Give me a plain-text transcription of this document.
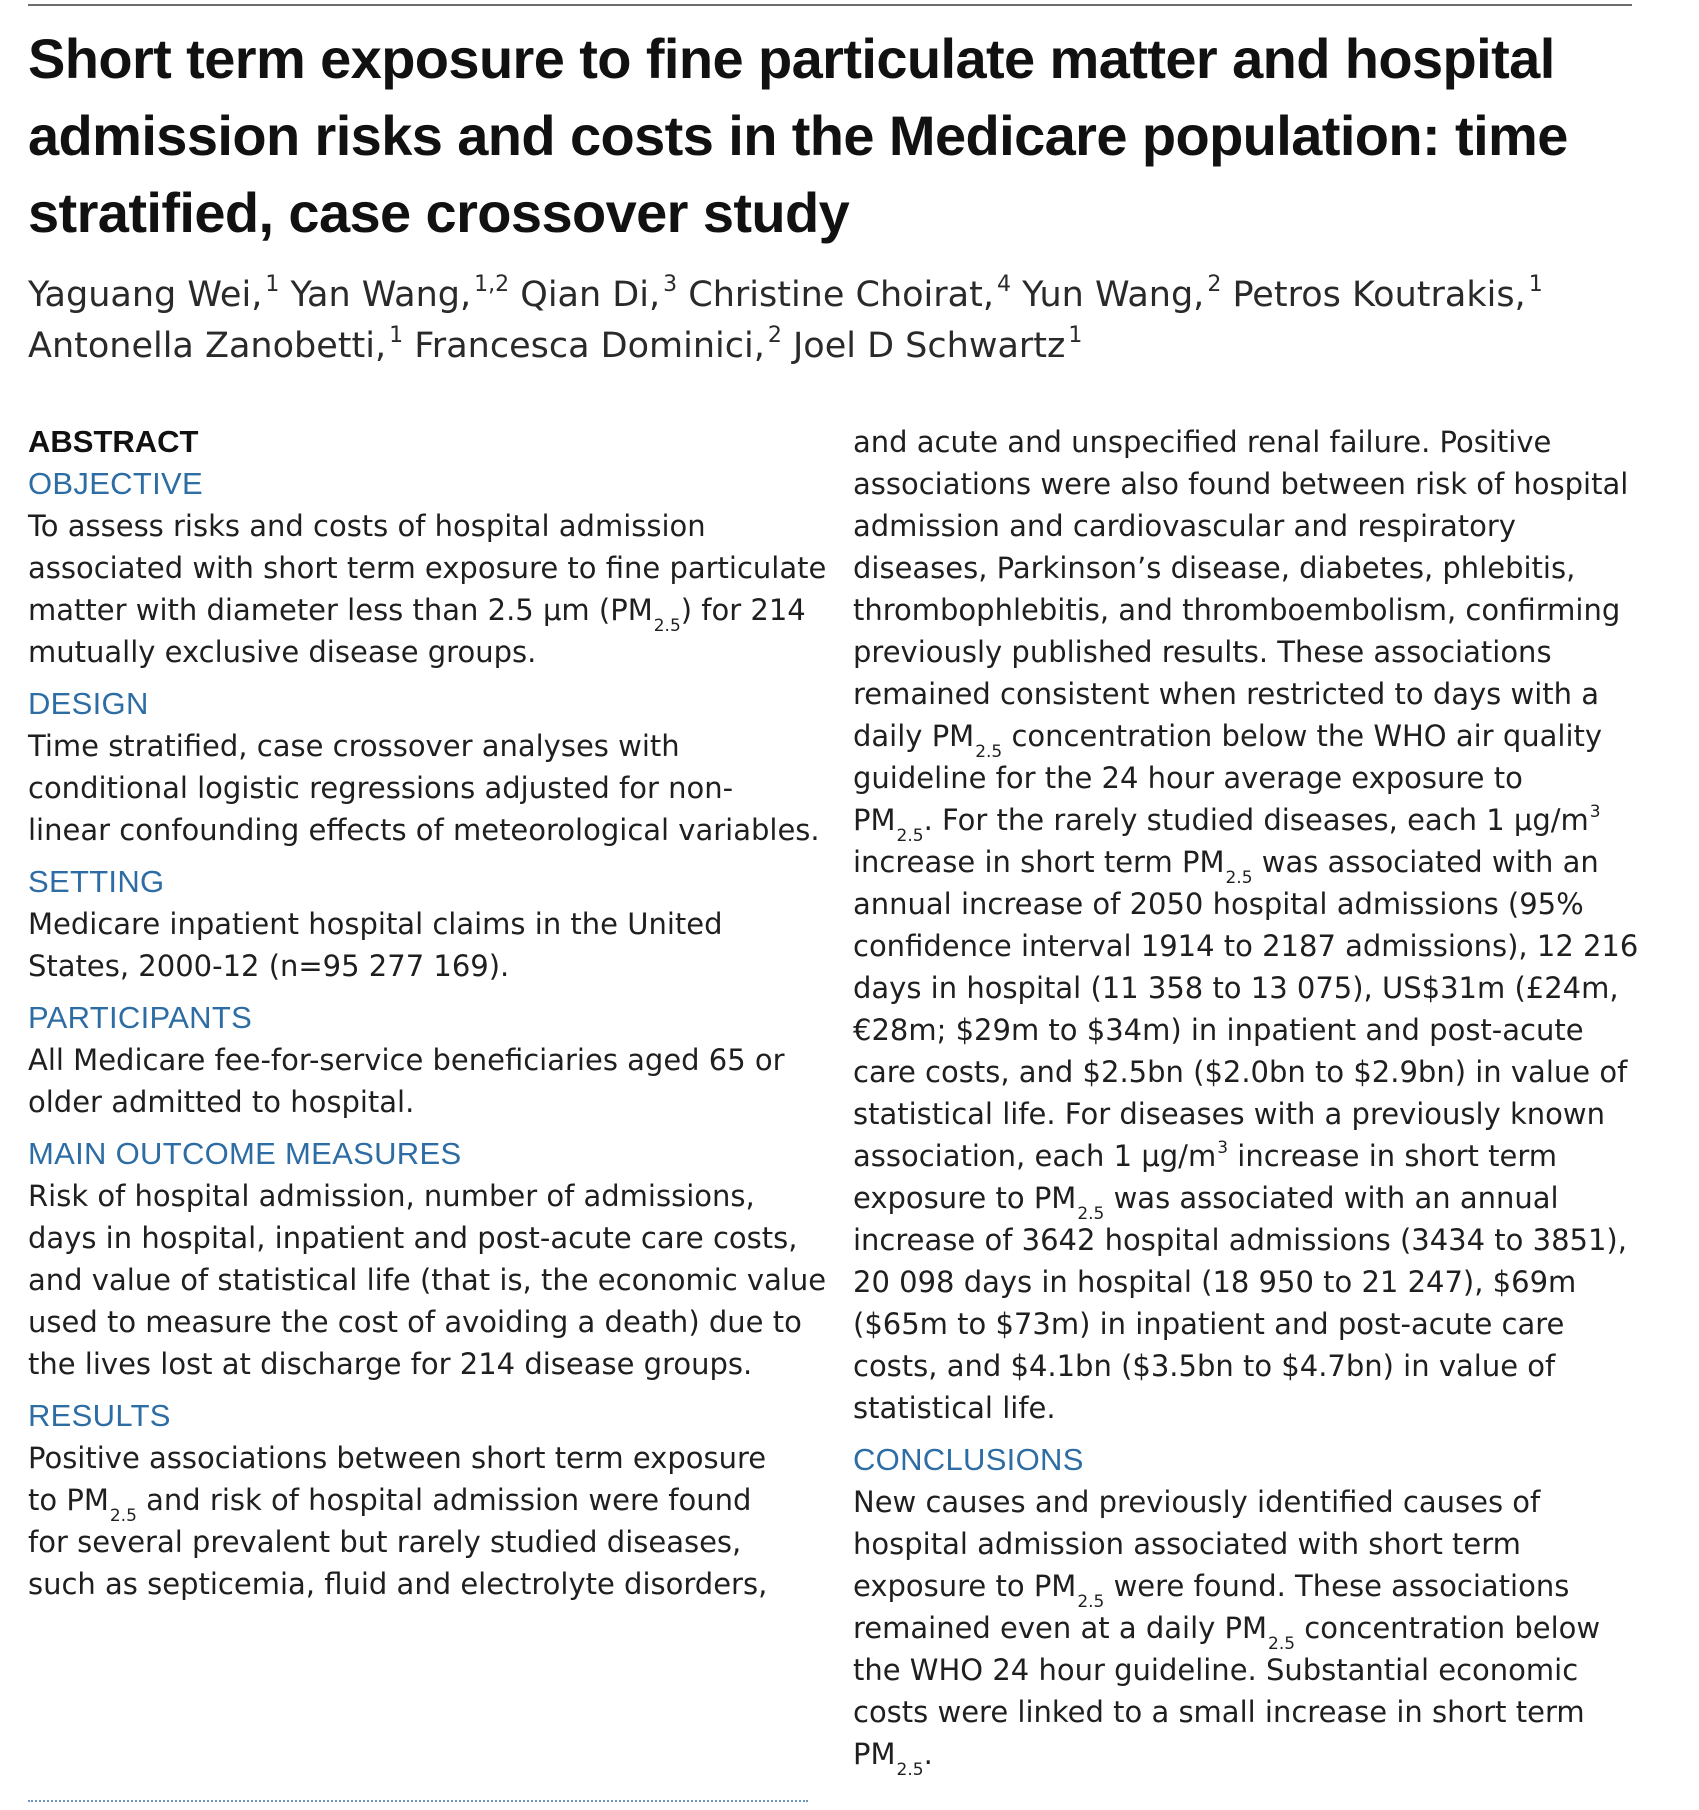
Short term exposure to fine particulate matter and hospital
admission risks and costs in the Medicare population: time
stratified, case crossover study
Yaguang Wei, $^1$ Yan Wang, $^{1,2}$ Qian Di, $^3$ Christine Choirat, $^4$ Yun Wang, $^2$ Petros Koutrakis, $^1$
Antonella Zanobetti, $^1$ Francesca Dominici, $^2$ Joel D Schwartz $^1$
ABSTRACT
OBJECTIVE

To assess risks and costs of hospital admission
associated with short term exposure to fine particulate
matter with diameter less than 2.5 μm $(PM_{2.5})$ for 214
mutually exclusive disease groups.

DESIGN

Time stratified, case crossover analyses with
conditional logistic regressions adjusted for non-
linear confounding effects of meteorological variables.

SETTING

Medicare inpatient hospital claims in the United
States, 2000-12 (n=95 277 169).

PARTICIPANTS

All Medicare fee-for-service beneficiaries aged 65 or
older admitted to hospital.

MAIN OUTCOME MEASURES

Risk of hospital admission, number of admissions,
days in hospital, inpatient and post-acute care costs,
and value of statistical life (that is, the economic value
used to measure the cost of avoiding a death) due to
the lives lost at discharge for 214 disease groups.

RESULTS

Positive associations between short term exposure
to $PM_{2.5}$ and risk of hospital admission were found
for several prevalent but rarely studied diseases,
such as septicemia, fluid and electrolyte disorders,

and acute and unspecified renal failure. Positive
associations were also found between risk of hospital
admission and cardiovascular and respiratory
diseases, Parkinson’s disease, diabetes, phlebitis,
thrombophlebitis, and thromboembolism, confirming
previously published results. These associations
remained consistent when restricted to days with a
daily $PM_{2.5}$ concentration below the WHO air quality
guideline for the 24 hour average exposure to
$PM_{2.5}$. For the rarely studied diseases, each 1 $\mu g/m^3$
increase in short term $PM_{2.5}$ was associated with an
annual increase of 2050 hospital admissions (95%
confidence interval 1914 to 2187 admissions), 12 216
days in hospital (11 358 to 13 075), US$31m (£24m,
€28m; $29m to $34m) in inpatient and post-acute
care costs, and $2.5bn ($2.0bn to $2.9bn) in value of
statistical life. For diseases with a previously known
association, each 1 $\mu g/m^3$ increase in short term
exposure to $PM_{2.5}$ was associated with an annual
increase of 3642 hospital admissions (3434 to 3851),
20 098 days in hospital (18 950 to 21 247), $69m
($65m to $73m) in inpatient and post-acute care
costs, and $4.1bn ($3.5bn to $4.7bn) in value of
statistical life.

CONCLUSIONS

New causes and previously identified causes of
hospital admission associated with short term
exposure to $PM_{2.5}$ were found. These associations
remained even at a daily $PM_{2.5}$ concentration below
the WHO 24 hour guideline. Substantial economic
costs were linked to a small increase in short term
$PM_{2.5}$.
